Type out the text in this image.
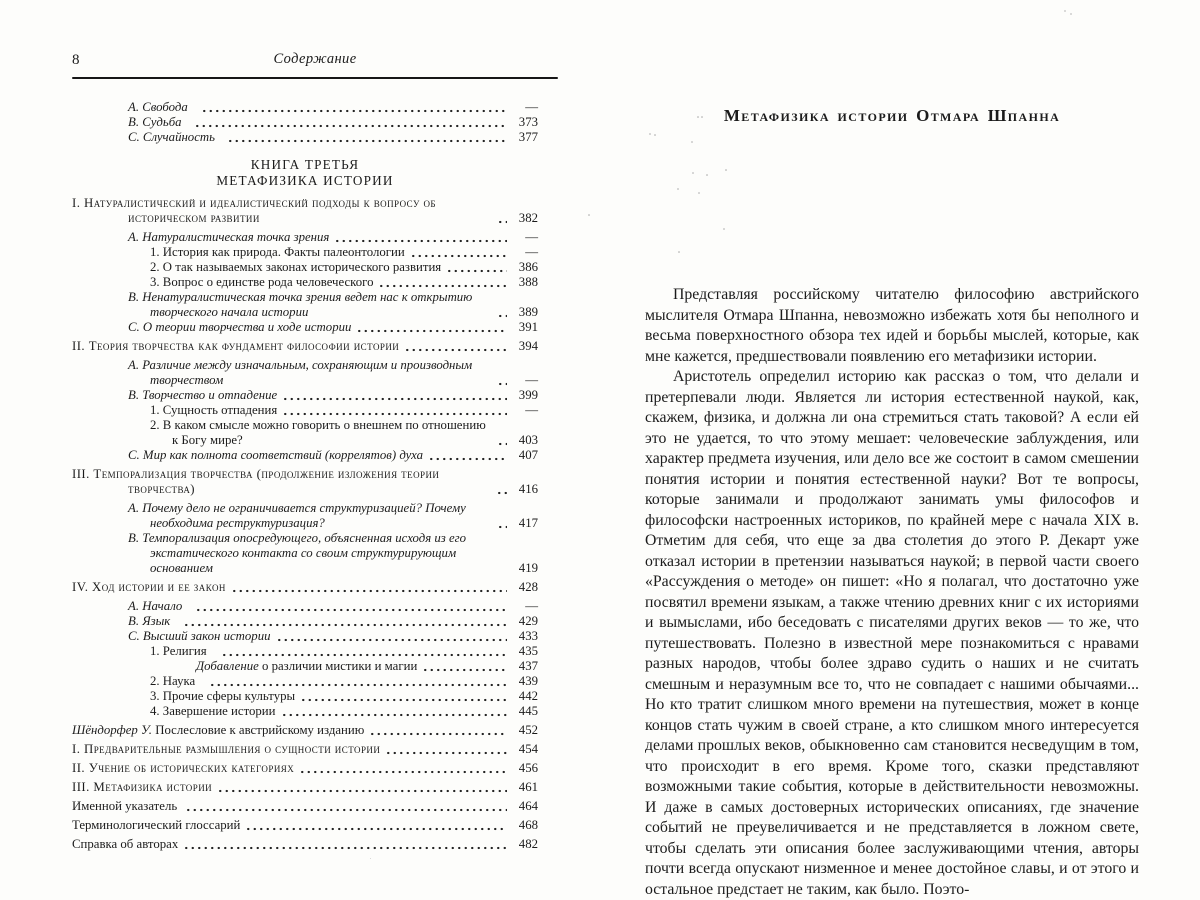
8	Содержание
A. Свобода	—
B. Судьба	373
C. Случайность	377
КНИГА ТРЕТЬЯ
МЕТАФИЗИКА ИСТОРИИ
I. Натуралистический и идеалистический подходы к вопросу об историческом развитии	382
A. Натуралистическая точка зрения	—
1. История как природа. Факты палеонтологии	—
2. О так называемых законах исторического развития	386
3. Вопрос о единстве рода человеческого	388
B. Ненатуралистическая точка зрения ведет нас к открытию творческого начала истории	389
C. О теории творчества и ходе истории	391
II. Теория творчества как фундамент философии истории	394
A. Различие между изначальным, сохраняющим и производным творчеством	—
B. Творчество и отпадение	399
1. Сущность отпадения	—
2. В каком смысле можно говорить о внешнем по отношению к Богу мире?	403
C. Мир как полнота соответствий (коррелятов) духа	407
III. Темпорализация творчества (продолжение изложения теории творчества)	416
A. Почему дело не ограничивается структуризацией? Почему необходима реструктуризация?	417
B. Темпорализация опосредующего, объясненная исходя из его экстатического контакта со своим структурирующим основанием	419
IV. Ход истории и ее закон	428
A. Начало	—
B. Язык	429
C. Высший закон истории	433
1. Религия	435
Добавление о различии мистики и магии	437
2. Наука	439
3. Прочие сферы культуры	442
4. Завершение истории	445
Шёндорфер У. Послесловие к австрийскому изданию	452
I. Предварительные размышления о сущности истории	454
II. Учение об исторических категориях	456
III. Метафизика истории	461
Именной указатель	464
Терминологический глоссарий	468
Справка об авторах	482
Метафизика истории Отмара Шпанна

Представляя российскому читателю философию австрийского мыслителя Отмара Шпанна, невозможно избежать хотя бы неполного и весьма поверхностного обзора тех идей и борьбы мыслей, которые, как мне кажется, предшествовали появлению его метафизики истории.

Аристотель определил историю как рассказ о том, что делали и претерпевали люди. Является ли история естественной наукой, как, скажем, физика, и должна ли она стремиться стать таковой? А если ей это не удается, то что этому мешает: человеческие заблуждения, или характер предмета изучения, или дело все же состоит в самом смешении понятия истории и понятия естественной науки? Вот те вопросы, которые занимали и продолжают занимать умы философов и философски настроенных историков, по крайней мере с начала XIX в. Отметим для себя, что еще за два столетия до этого Р. Декарт уже отказал истории в претензии называться наукой; в первой части своего «Рассуждения о методе» он пишет: «Но я полагал, что достаточно уже посвятил времени языкам, а также чтению древних книг с их историями и вымыслами, ибо беседовать с писателями других веков — то же, что путешествовать. Полезно в известной мере познакомиться с нравами разных народов, чтобы более здраво судить о наших и не считать смешным и неразумным все то, что не совпадает с нашими обычаями... Но кто тратит слишком много времени на путешествия, может в конце концов стать чужим в своей стране, а кто слишком много интересуется делами прошлых веков, обыкновенно сам становится несведущим в том, что происходит в его время. Кроме того, сказки представляют возможными такие события, которые в действительности невозможны. И даже в самых достоверных исторических описаниях, где значение событий не преувеличивается и не представляется в ложном свете, чтобы сделать эти описания более заслуживающими чтения, авторы почти всегда опускают низменное и менее достойное славы, и от этого и остальное предстает не таким, как было. Поэто-
